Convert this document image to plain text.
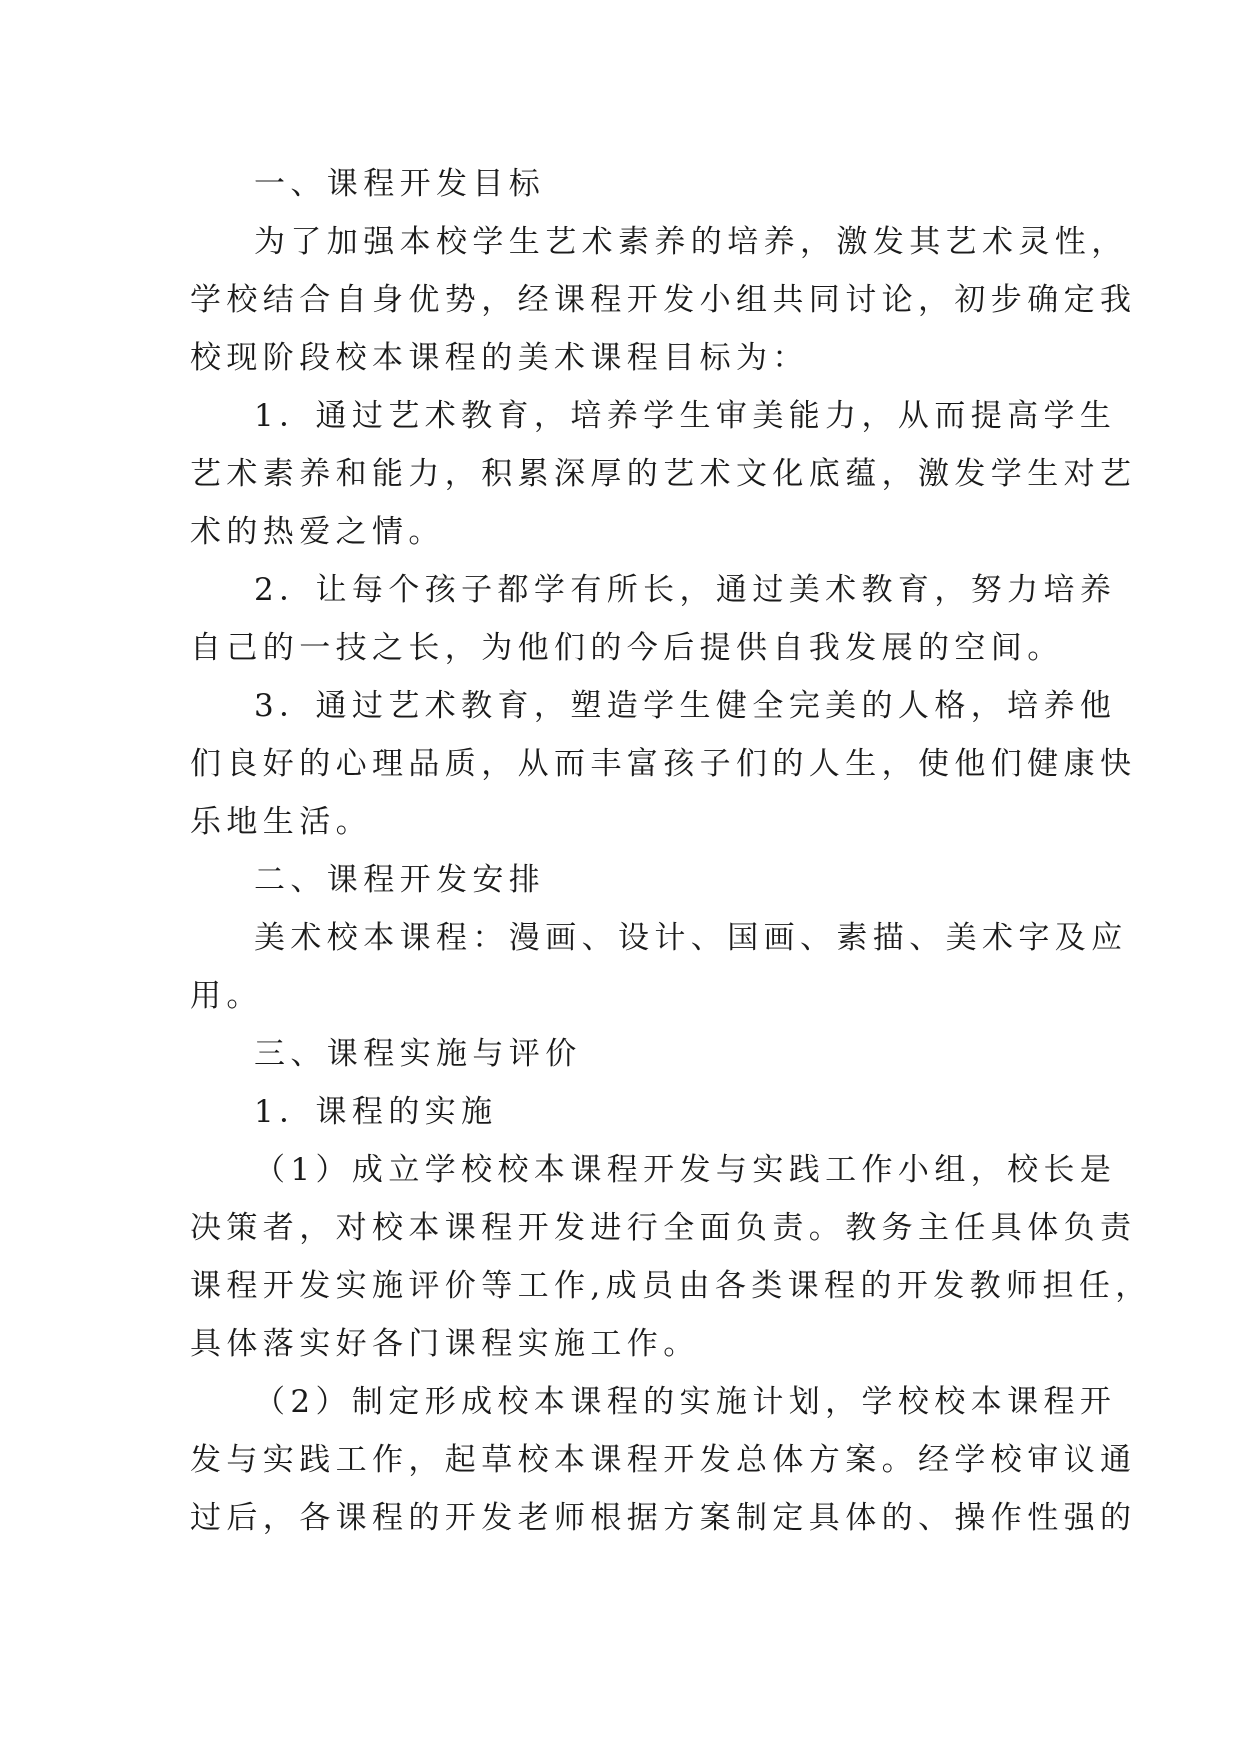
一、课程开发目标
为了加强本校学生艺术素养的培养，激发其艺术灵性，
学校结合自身优势，经课程开发小组共同讨论，初步确定我
校现阶段校本课程的美术课程目标为：
1．通过艺术教育，培养学生审美能力，从而提高学生
艺术素养和能力，积累深厚的艺术文化底蕴，激发学生对艺
术的热爱之情。
2．让每个孩子都学有所长，通过美术教育，努力培养
自己的一技之长，为他们的今后提供自我发展的空间。
3．通过艺术教育，塑造学生健全完美的人格，培养他
们良好的心理品质，从而丰富孩子们的人生，使他们健康快
乐地生活。
二、课程开发安排
美术校本课程：漫画、设计、国画、素描、美术字及应
用。
三、课程实施与评价
1．课程的实施
（1）成立学校校本课程开发与实践工作小组，校长是
决策者，对校本课程开发进行全面负责。教务主任具体负责
课程开发实施评价等工作,成员由各类课程的开发教师担任，
具体落实好各门课程实施工作。
（2）制定形成校本课程的实施计划，学校校本课程开
发与实践工作，起草校本课程开发总体方案。经学校审议通
过后，各课程的开发老师根据方案制定具体的、操作性强的
